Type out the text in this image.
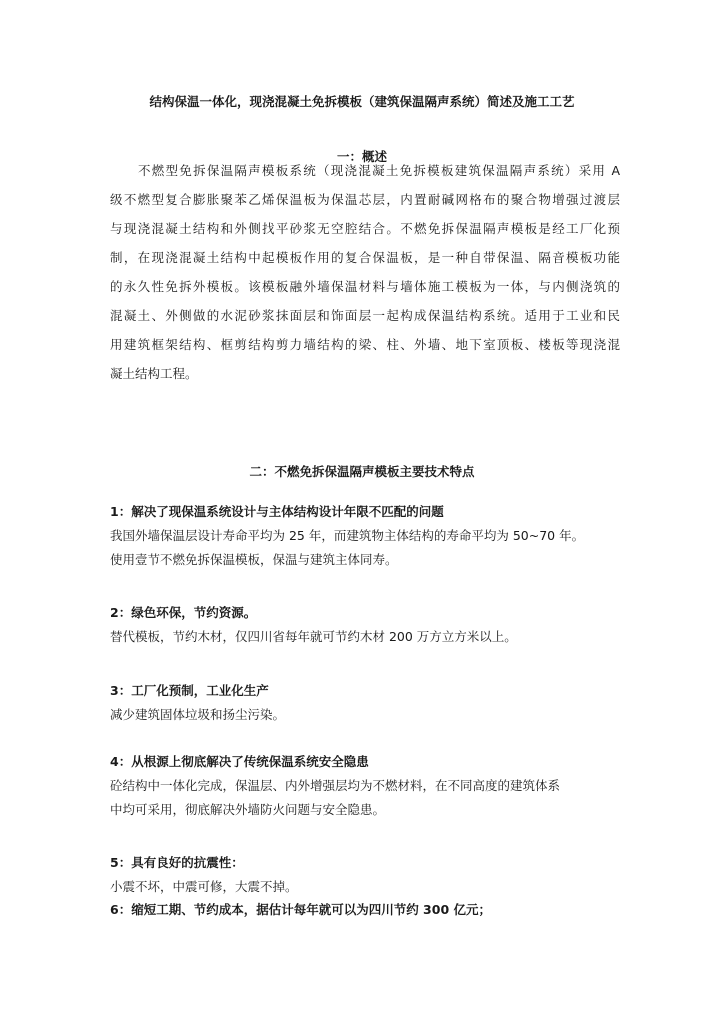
结构保温一体化，现浇混凝土免拆模板（建筑保温隔声系统）简述及施工工艺
一：概述
不燃型免拆保温隔声模板系统（现浇混凝土免拆模板建筑保温隔声系统）采用 A
级不燃型复合膨胀聚苯乙烯保温板为保温芯层，内置耐碱网格布的聚合物增强过渡层
与现浇混凝土结构和外侧找平砂浆无空腔结合。不燃免拆保温隔声模板是经工厂化预
制，在现浇混凝土结构中起模板作用的复合保温板，是一种自带保温、隔音模板功能
的永久性免拆外模板。该模板融外墙保温材料与墙体施工模板为一体，与内侧浇筑的
混凝土、外侧做的水泥砂浆抹面层和饰面层一起构成保温结构系统。适用于工业和民
用建筑框架结构、框剪结构剪力墙结构的梁、柱、外墙、地下室顶板、楼板等现浇混
凝土结构工程。
二：不燃免拆保温隔声模板主要技术特点
1：解决了现保温系统设计与主体结构设计年限不匹配的问题
我国外墙保温层设计寿命平均为 25 年，而建筑物主体结构的寿命平均为 50~70 年。
使用壹节不燃免拆保温模板，保温与建筑主体同寿。
2：绿色环保，节约资源。
替代模板，节约木材，仅四川省每年就可节约木材 200 万方立方米以上。
3：工厂化预制，工业化生产
减少建筑固体垃圾和扬尘污染。
4：从根源上彻底解决了传统保温系统安全隐患
砼结构中一体化完成，保温层、内外增强层均为不燃材料，在不同高度的建筑体系
中均可采用，彻底解决外墙防火问题与安全隐患。
5：具有良好的抗震性：
小震不坏，中震可修，大震不掉。
6：缩短工期、节约成本，据估计每年就可以为四川节约 300 亿元；
